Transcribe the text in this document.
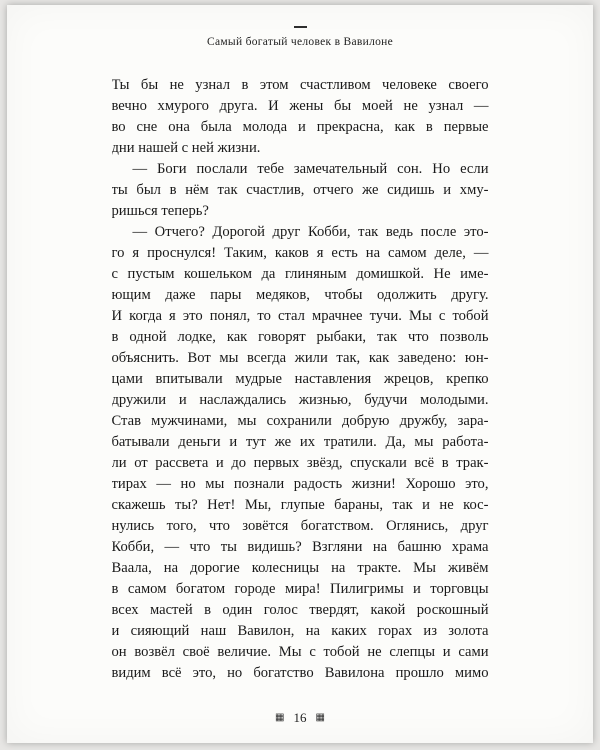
Самый богатый человек в Вавилоне
Ты бы не узнал в этом счастливом человеке своего
вечно хмурого друга. И жены бы моей не узнал —
во сне она была молода и прекрасна, как в первые
дни нашей с ней жизни.
— Боги послали тебе замечательный сон. Но если
ты был в нём так счастлив, отчего же сидишь и хму-
ришься теперь?
— Отчего? Дорогой друг Кобби, так ведь после это-
го я проснулся! Таким, каков я есть на самом деле, —
с пустым кошельком да глиняным домишкой. Не име-
ющим даже пары медяков, чтобы одолжить другу.
И когда я это понял, то стал мрачнее тучи. Мы с тобой
в одной лодке, как говорят рыбаки, так что позволь
объяснить. Вот мы всегда жили так, как заведено: юн-
цами впитывали мудрые наставления жрецов, крепко
дружили и наслаждались жизнью, будучи молодыми.
Став мужчинами, мы сохранили добрую дружбу, зара-
батывали деньги и тут же их тратили. Да, мы работа-
ли от рассвета и до первых звёзд, спускали всё в трак-
тирах — но мы познали радость жизни! Хорошо это,
скажешь ты? Нет! Мы, глупые бараны, так и не кос-
нулись того, что зовётся богатством. Оглянись, друг
Кобби, — что ты видишь? Взгляни на башню храма
Ваала, на дорогие колесницы на тракте. Мы живём
в самом богатом городе мира! Пилигримы и торговцы
всех мастей в один голос твердят, какой роскошный
и сияющий наш Вавилон, на каких горах из золота
он возвёл своё величие. Мы с тобой не слепцы и сами
видим всё это, но богатство Вавилона прошло мимо
▦ 16 ▦
